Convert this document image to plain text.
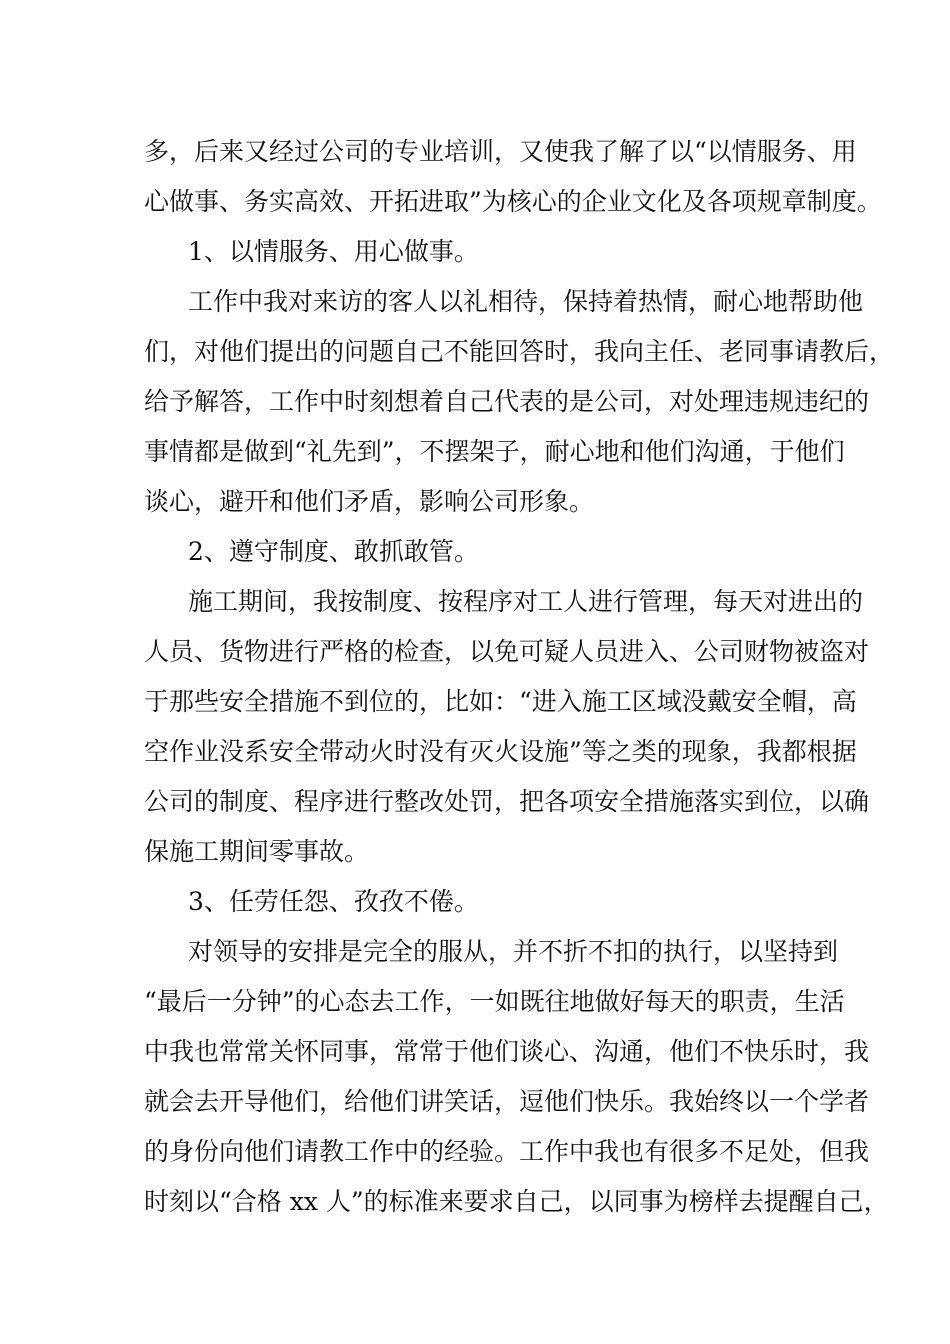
多，后来又经过公司的专业培训，又使我了解了以“以情服务、用
心做事、务实高效、开拓进取”为核心的企业文化及各项规章制度。
1、以情服务、用心做事。
工作中我对来访的客人以礼相待，保持着热情，耐心地帮助他
们，对他们提出的问题自己不能回答时，我向主任、老同事请教后，
给予解答，工作中时刻想着自己代表的是公司，对处理违规违纪的
事情都是做到“礼先到”，不摆架子，耐心地和他们沟通，于他们
谈心，避开和他们矛盾，影响公司形象。
2、遵守制度、敢抓敢管。
施工期间，我按制度、按程序对工人进行管理，每天对进出的
人员、货物进行严格的检查，以免可疑人员进入、公司财物被盗对
于那些安全措施不到位的，比如：“进入施工区域没戴安全帽，高
空作业没系安全带动火时没有灭火设施”等之类的现象，我都根据
公司的制度、程序进行整改处罚，把各项安全措施落实到位，以确
保施工期间零事故。
3、任劳任怨、孜孜不倦。
对领导的安排是完全的服从，并不折不扣的执行，以坚持到
“最后一分钟”的心态去工作，一如既往地做好每天的职责，生活
中我也常常关怀同事，常常于他们谈心、沟通，他们不快乐时，我
就会去开导他们，给他们讲笑话，逗他们快乐。我始终以一个学者
的身份向他们请教工作中的经验。工作中我也有很多不足处，但我
时刻以“合格 xx 人”的标准来要求自己，以同事为榜样去提醒自己，
